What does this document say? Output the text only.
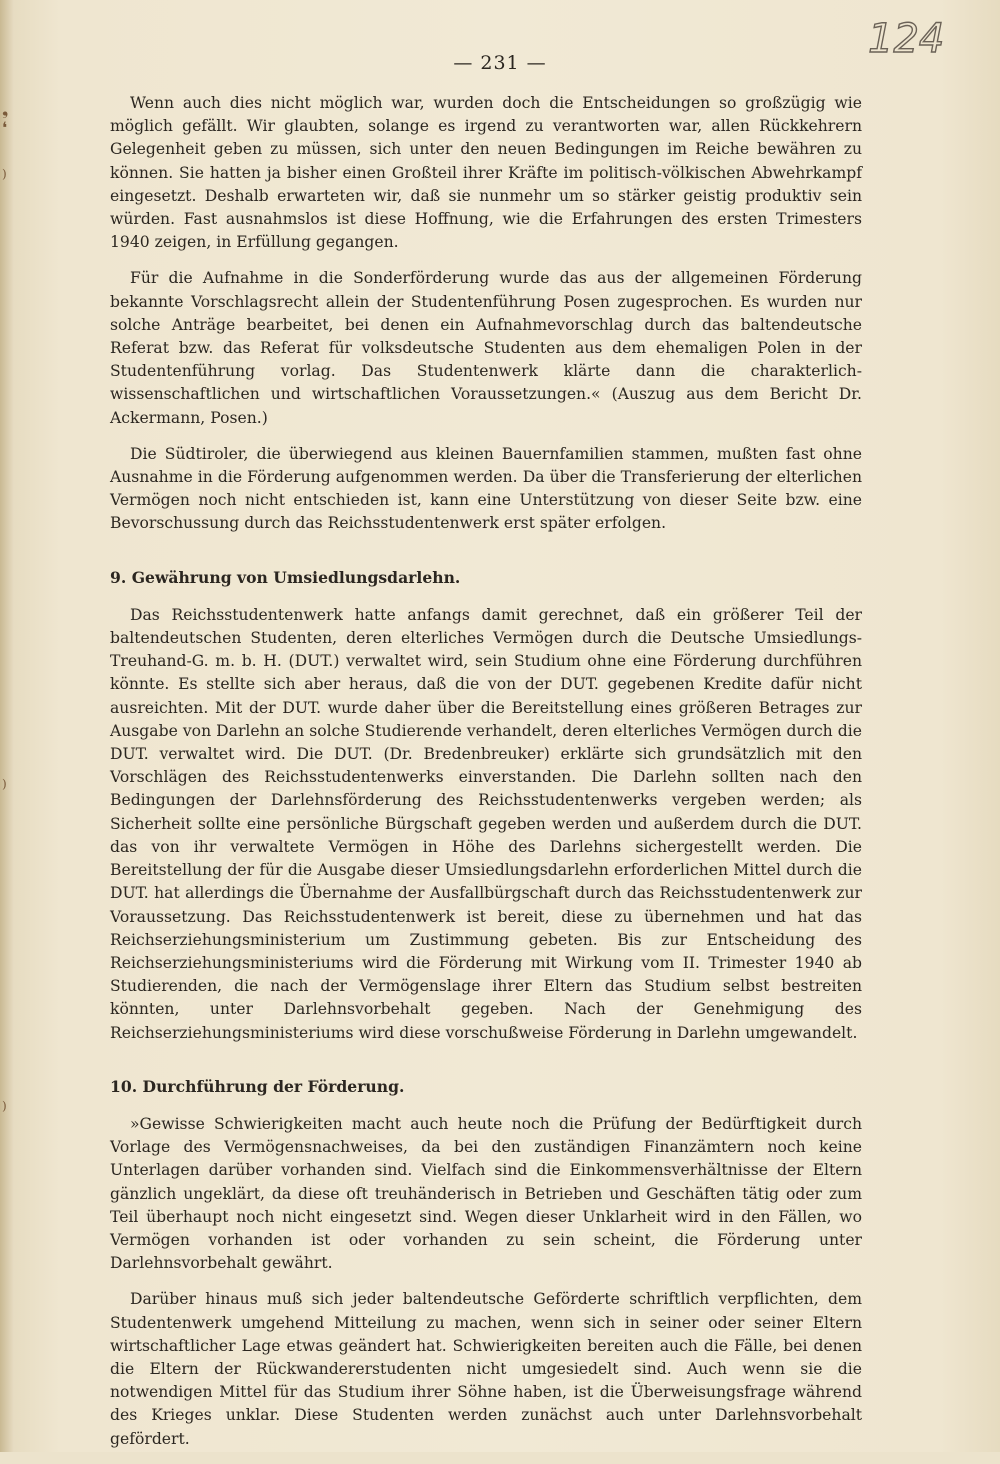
❟
❛
)
)
)
124
— 231 —

Wenn auch dies nicht möglich war, wurden doch die Entscheidungen so großzügig wie möglich gefällt. Wir glaubten, solange es irgend zu verantworten war, allen Rückkehrern Gelegenheit geben zu müssen, sich unter den neuen Bedingungen im Reiche bewähren zu können. Sie hatten ja bisher einen Großteil ihrer Kräfte im politisch-völkischen Abwehrkampf eingesetzt. Deshalb erwarteten wir, daß sie nunmehr um so stärker geistig produktiv sein würden. Fast ausnahmslos ist diese Hoffnung, wie die Erfahrungen des ersten Trimesters 1940 zeigen, in Erfüllung gegangen.

Für die Aufnahme in die Sonderförderung wurde das aus der allgemeinen Förderung bekannte Vorschlagsrecht allein der Studentenführung Posen zugesprochen. Es wurden nur solche Anträge bearbeitet, bei denen ein Aufnahmevorschlag durch das baltendeutsche Referat bzw. das Referat für volksdeutsche Studenten aus dem ehemaligen Polen in der Studentenführung vorlag. Das Studentenwerk klärte dann die charakterlich-wissenschaftlichen und wirtschaftlichen Voraussetzungen.« (Auszug aus dem Bericht Dr. Ackermann, Posen.)

Die Südtiroler, die überwiegend aus kleinen Bauernfamilien stammen, mußten fast ohne Ausnahme in die Förderung aufgenommen werden. Da über die Transferierung der elterlichen Vermögen noch nicht entschieden ist, kann eine Unterstützung von dieser Seite bzw. eine Bevorschussung durch das Reichsstudentenwerk erst später erfolgen.

9. Gewährung von Umsiedlungsdarlehn.

Das Reichsstudentenwerk hatte anfangs damit gerechnet, daß ein größerer Teil der baltendeutschen Studenten, deren elterliches Vermögen durch die Deutsche Umsiedlungs-Treuhand-G. m. b. H. (DUT.) verwaltet wird, sein Studium ohne eine Förderung durchführen könnte. Es stellte sich aber heraus, daß die von der DUT. gegebenen Kredite dafür nicht ausreichten. Mit der DUT. wurde daher über die Bereitstellung eines größeren Betrages zur Ausgabe von Darlehn an solche Studierende verhandelt, deren elterliches Vermögen durch die DUT. verwaltet wird. Die DUT. (Dr. Bredenbreuker) erklärte sich grundsätzlich mit den Vorschlägen des Reichsstudentenwerks einverstanden. Die Darlehn sollten nach den Bedingungen der Darlehnsförderung des Reichsstudentenwerks vergeben werden; als Sicherheit sollte eine persönliche Bürgschaft gegeben werden und außerdem durch die DUT. das von ihr verwaltete Vermögen in Höhe des Darlehns sichergestellt werden. Die Bereitstellung der für die Ausgabe dieser Umsiedlungsdarlehn erforderlichen Mittel durch die DUT. hat allerdings die Übernahme der Ausfallbürgschaft durch das Reichsstudentenwerk zur Voraussetzung. Das Reichsstudentenwerk ist bereit, diese zu übernehmen und hat das Reichserziehungsministerium um Zustimmung gebeten. Bis zur Entscheidung des Reichserziehungsministeriums wird die Förderung mit Wirkung vom II. Trimester 1940 ab Studierenden, die nach der Vermögenslage ihrer Eltern das Studium selbst bestreiten könnten, unter Darlehnsvorbehalt gegeben. Nach der Genehmigung des Reichserziehungsministeriums wird diese vorschußweise Förderung in Darlehn umgewandelt.

10. Durchführung der Förderung.

»Gewisse Schwierigkeiten macht auch heute noch die Prüfung der Bedürftigkeit durch Vorlage des Vermögensnachweises, da bei den zuständigen Finanzämtern noch keine Unterlagen darüber vorhanden sind. Vielfach sind die Einkommensverhältnisse der Eltern gänzlich ungeklärt, da diese oft treuhänderisch in Betrieben und Geschäften tätig oder zum Teil überhaupt noch nicht eingesetzt sind. Wegen dieser Unklarheit wird in den Fällen, wo Vermögen vorhanden ist oder vorhanden zu sein scheint, die Förderung unter Darlehnsvorbehalt gewährt.

Darüber hinaus muß sich jeder baltendeutsche Geförderte schriftlich verpflichten, dem Studentenwerk umgehend Mitteilung zu machen, wenn sich in seiner oder seiner Eltern wirtschaftlicher Lage etwas geändert hat. Schwierigkeiten bereiten auch die Fälle, bei denen die Eltern der Rückwandererstudenten nicht umgesiedelt sind. Auch wenn sie die notwendigen Mittel für das Studium ihrer Söhne haben, ist die Überweisungsfrage während des Krieges unklar. Diese Studenten werden zunächst auch unter Darlehnsvorbehalt gefördert.
